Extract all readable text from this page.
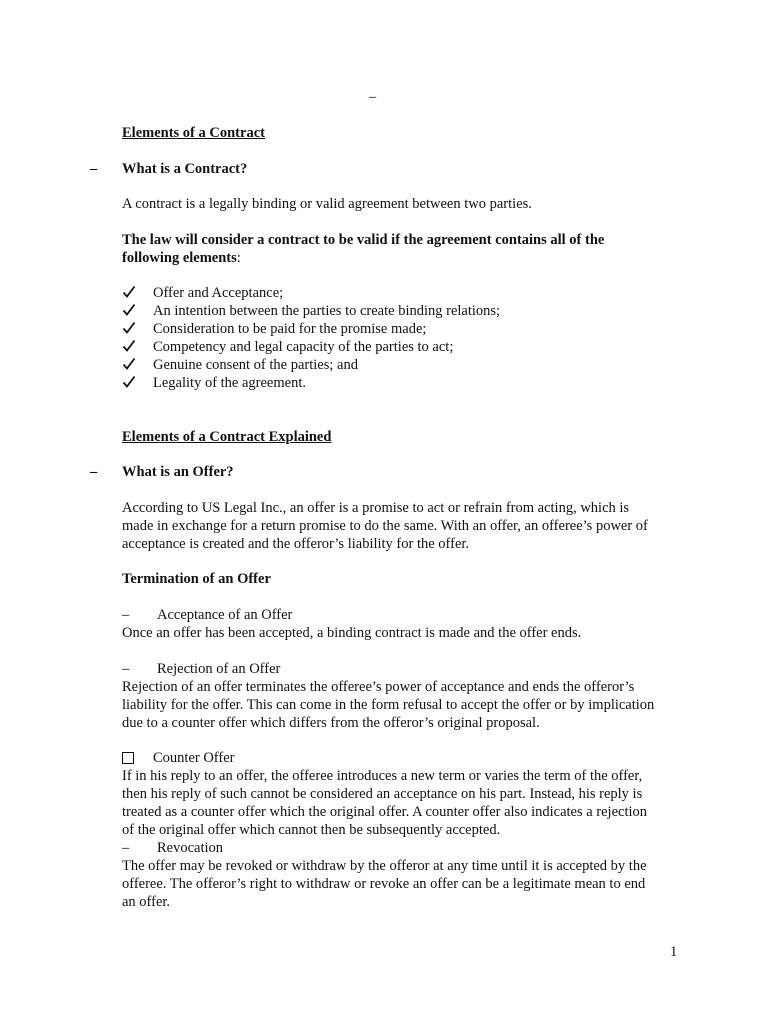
–

Elements of a Contract

– What is a Contract?

A contract is a legally binding or valid agreement between two parties.

The law will consider a contract to be valid if the agreement contains all of the

following elements:

Offer and Acceptance;

An intention between the parties to create binding relations;

Consideration to be paid for the promise made;

Competency and legal capacity of the parties to act;

Genuine consent of the parties; and

Legality of the agreement.

Elements of a Contract Explained

– What is an Offer?

According to US Legal Inc., an offer is a promise to act or refrain from acting, which is

made in exchange for a return promise to do the same. With an offer, an offeree’s power of

acceptance is created and the offeror’s liability for the offer.

Termination of an Offer

– Acceptance of an Offer

Once an offer has been accepted, a binding contract is made and the offer ends.

– Rejection of an Offer

Rejection of an offer terminates the offeree’s power of acceptance and ends the offeror’s

liability for the offer. This can come in the form refusal to accept the offer or by implication

due to a counter offer which differs from the offeror’s original proposal.

Counter Offer

If in his reply to an offer, the offeree introduces a new term or varies the term of the offer,

then his reply of such cannot be considered an acceptance on his part. Instead, his reply is

treated as a counter offer which the original offer. A counter offer also indicates a rejection

of the original offer which cannot then be subsequently accepted.

– Revocation

The offer may be revoked or withdraw by the offeror at any time until it is accepted by the

offeree. The offeror’s right to withdraw or revoke an offer can be a legitimate mean to end

an offer.

1
